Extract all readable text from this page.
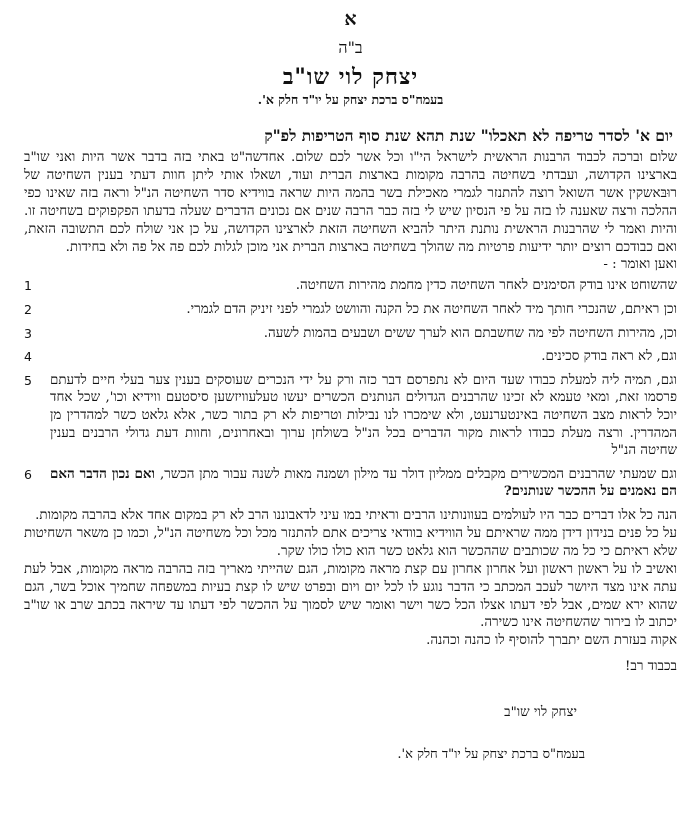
א
ב"ה
יצחק לוי שו"ב
בעמח"ס ברכת יצחק על יו"ד חלק א'.
יום א' לסדר טריפה לא תאכלו" שנת תהא שנת סוף הטריפות לפ"ק

שלום וברכה לכבוד הרבנות הראשית לישראל הי"ו וכל אשר לכם שלום. אחדשה"ט באתי בזה בדבר אשר היות ואני שו"ב בארצינו הקדושה, ועבדתי בשחיטה בהרבה מקומות בארצות הברית ועוד, ושאלו אותי ליתן חוות דעתי בענין השחיטה של רוּבּאשקין אשר השואל רוצה להתנזר לגמרי מאכילת בשר בהמה היות שראה בווידיא סדר השחיטה הנ"ל וראה בזה שאינו כפי ההלכה ורצה שאענה לו בזה על פי הנסיון שיש לי בזה כבר הרבה שנים אם נכונים הדברים שעלה בדעתו הפקפוקים בשחיטה זו. והיות ואמר לי שהרבנות הראשית נותנת היתר להביא השחיטה הזאת לארצינו הקדושה, על כן אני שולח לכם התשובה הזאת, ואם כבודכם רוצים יותר ידיעות פרטיות מה שהולך בשחיטה בארצות הברית אני מוכן לגלות לכם פה אל פה ולא בחידות.

ואען ואומר : -

1	שהשוחט אינו בודק הסימנים לאחר השחיטה כדין מחמת מהירות השחיטה.
2	וכן ראיתם, שהנכרי חותך מיד לאחר השחיטה את כל הקנה והוושט לגמרי לפני זיניק הדם לגמרי.
3	וכן, מהירות השחיטה לפי מה שחשבתם הוא לערך ששים ושבעים בהמות לשעה.
4	וגם, לא ראה בודק סכינים.
5 וגם, תמיה ליה למעלת כבודו שעד היום לא נתפרסם דבר כזה ורק על ידי הנכרים שעוסקים בענין צער בעלי חיים לדעתם פרסמו זאת, ומאי טעמא לא זכינו שהרבנים הגדולים הנותנים הכשרים יעשו טעלעוויזשען סיסטעם ווידיא וכו', שכל אחד יוכל לראות מצב השחיטה באינטערנעט, ולא שימכרו לנו נבילות וטריפות לא רק בתור כשר, אלא גלאט כשר למהדרין מן המהדרין. ורצה מעלת כבודו לראות מקור הדברים בכל הנ"ל בשולחן ערוך ובאחרונים, וחוות דעת גדולי הרבנים בענין שחיטה הנ"ל
6	וגם שמעתי שהרבנים המכשירים מקבלים ממליון דולר עד מילון ושמנה מאות לשנה עבור מתן הכשר, ואם נכון הדבר האם הם נאמנים על ההכשר שנותנים?

הנה כל אלו דברים כבר היו לעולמים בעוונותינו הרבים וראיתי במו עיני לדאבוננו הרב לא רק במקום אחד אלא בהרבה מקומות.

על כל פנים בנידון דידן ממה שראיתם על הווידיא בוודאי צריכים אתם להתנזר מכל וכל משחיטה הנ"ל, וכמו כן משאר השחיטות שלא ראיתם כי כל מה שכותבים שההכשר הוא גלאט כשר הוא כולו כולו שקר.

ואשיב לו על ראשון ראשון ועל אחרון אחרון עם קצת מראה מקומות, הגם שהייתי מאריך בזה בהרבה מראה מקומות, אבל לעת עתה אינו מצד היושר לעכב המכתב כי הדבר נוגע לו לכל יום ויום ובפרט שיש לו קצת בעיות במשפחה שחמיך אוכל בשר, הגם שהוא ירא שמים, אבל לפי דעתו אצלו הכל כשר וישר ואומר שיש לסמוך על ההכשר לפי דעתו עד שיראה בכתב שרב או שו"ב יכתוב לו בירור שהשחיטה אינו כשירה.

אקוה בעזרת השם יתברך להוסיף לו כהנה וכהנה.

בכבוד רב!
יצחק לוי שו"ב
בעמח"ס ברכת יצחק על יו"ד חלק א'.
